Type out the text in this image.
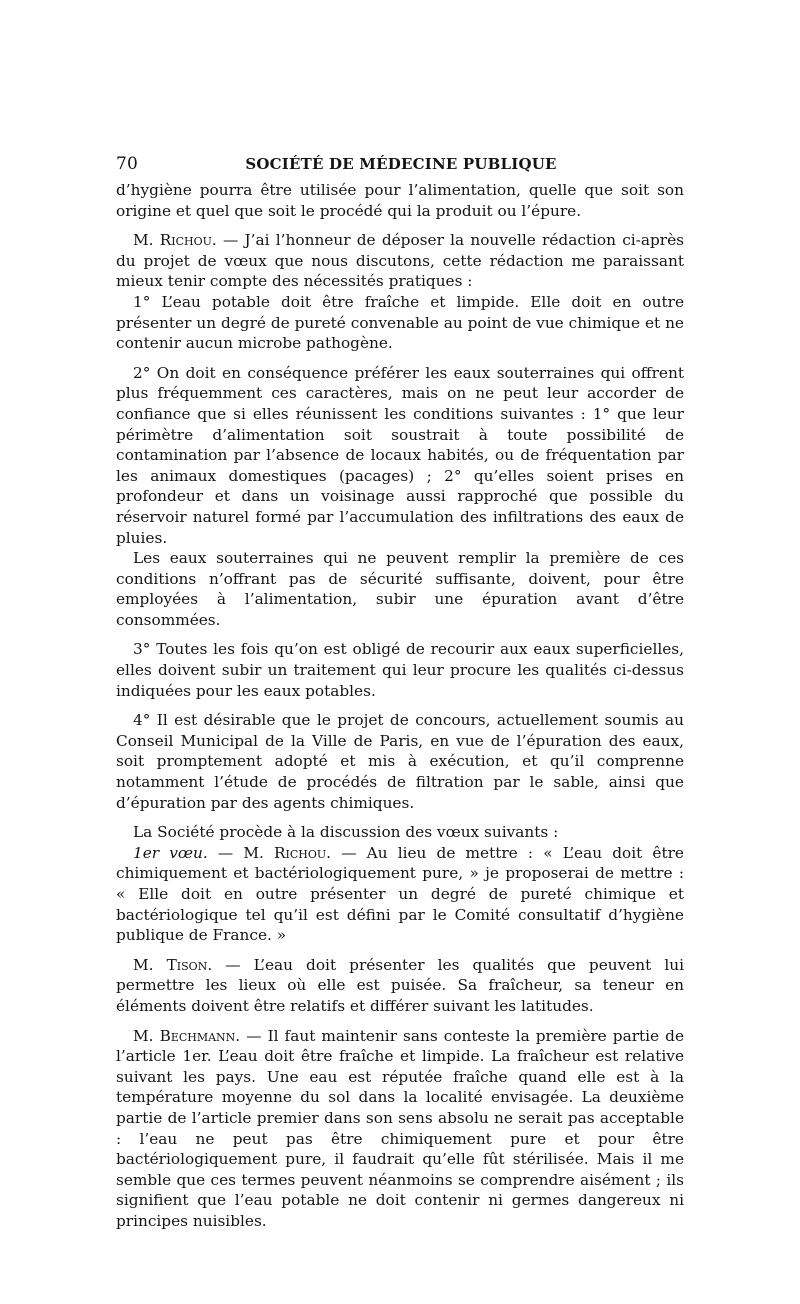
70	SOCIÉTÉ DE MÉDECINE PUBLIQUE

d’hygiène pourra être utilisée pour l’alimentation, quelle que soit son origine et quel que soit le procédé qui la produit ou l’épure.

M. Richou. — J’ai l’honneur de déposer la nouvelle rédaction ci-après du projet de vœux que nous discutons, cette rédaction me paraissant mieux tenir compte des nécessités pratiques :

1° L’eau potable doit être fraîche et limpide. Elle doit en outre présenter un degré de pureté convenable au point de vue chimique et ne contenir aucun microbe pathogène.

2° On doit en conséquence préférer les eaux souterraines qui offrent plus fréquemment ces caractères, mais on ne peut leur accorder de confiance que si elles réunissent les conditions suivantes : 1° que leur périmètre d’alimentation soit soustrait à toute possibilité de contamination par l’absence de locaux habités, ou de fréquentation par les animaux domestiques (pacages) ; 2° qu’elles soient prises en profondeur et dans un voisinage aussi rapproché que possible du réservoir naturel formé par l’accumulation des infiltrations des eaux de pluies.

Les eaux souterraines qui ne peuvent remplir la première de ces conditions n’offrant pas de sécurité suffisante, doivent, pour être employées à l’alimentation, subir une épuration avant d’être consommées.

3° Toutes les fois qu’on est obligé de recourir aux eaux superficielles, elles doivent subir un traitement qui leur procure les qualités ci-dessus indiquées pour les eaux potables.

4° Il est désirable que le projet de concours, actuellement soumis au Conseil Municipal de la Ville de Paris, en vue de l’épuration des eaux, soit promptement adopté et mis à exécution, et qu’il comprenne notamment l’étude de procédés de filtration par le sable, ainsi que d’épuration par des agents chimiques.

La Société procède à la discussion des vœux suivants :

1er vœu. — M. Richou. — Au lieu de mettre : « L’eau doit être chimiquement et bactériologiquement pure, » je proposerai de mettre : « Elle doit en outre présenter un degré de pureté chimique et bactériologique tel qu’il est défini par le Comité consultatif d’hygiène publique de France. »

M. Tison. — L’eau doit présenter les qualités que peuvent lui permettre les lieux où elle est puisée. Sa fraîcheur, sa teneur en éléments doivent être relatifs et différer suivant les latitudes.

M. Bechmann. — Il faut maintenir sans conteste la première partie de l’article 1er. L’eau doit être fraîche et limpide. La fraîcheur est relative suivant les pays. Une eau est réputée fraîche quand elle est à la température moyenne du sol dans la localité envisagée. La deuxième partie de l’article premier dans son sens absolu ne serait pas acceptable : l’eau ne peut pas être chimiquement pure et pour être bactériologiquement pure, il faudrait qu’elle fût stérilisée. Mais il me semble que ces termes peuvent néanmoins se comprendre aisément ; ils signifient que l’eau potable ne doit contenir ni germes dangereux ni principes nuisibles.
